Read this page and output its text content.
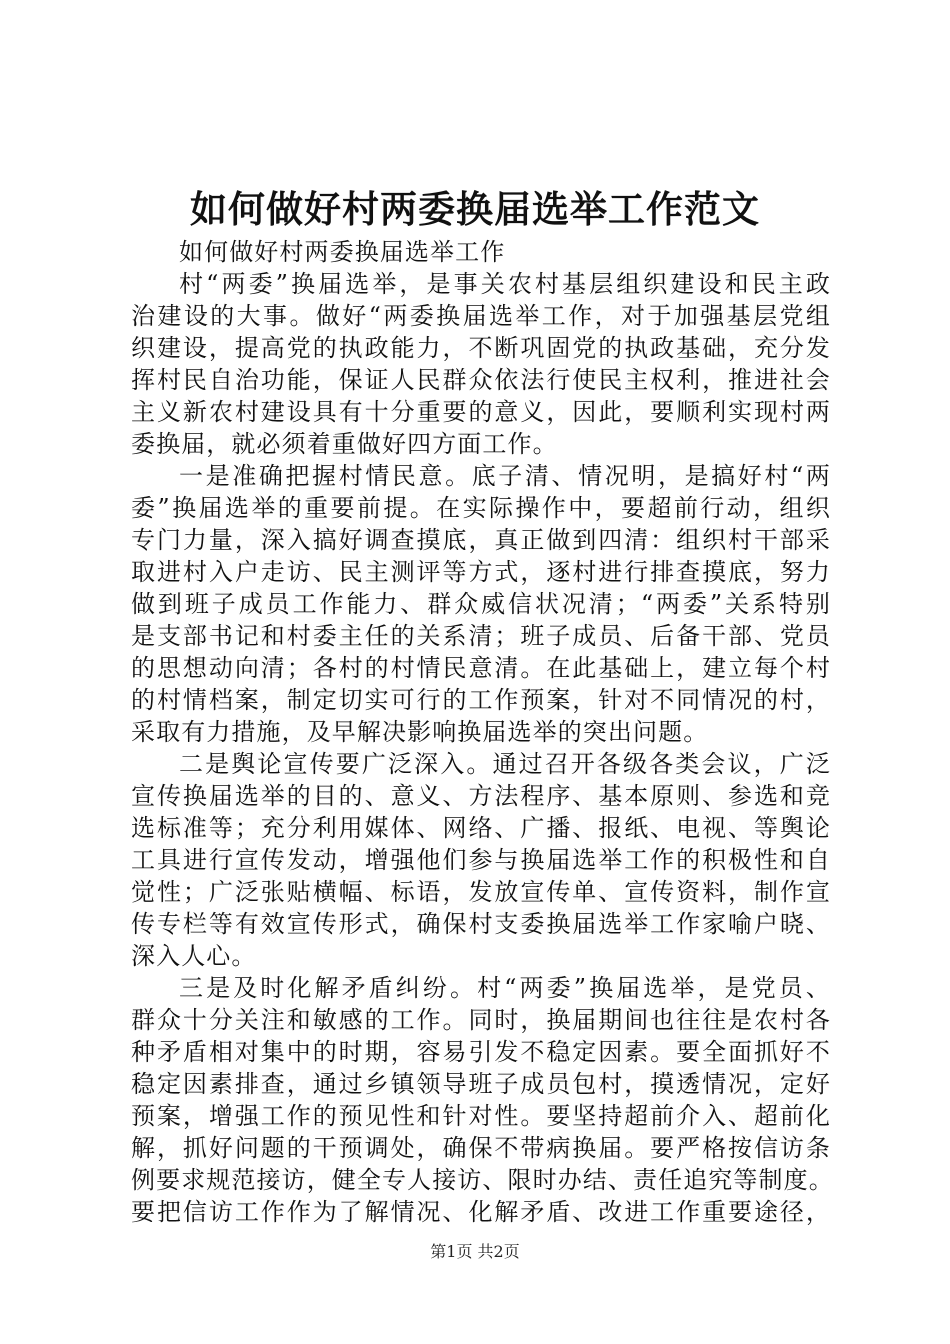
如何做好村两委换届选举工作范文
如何做好村两委换届选举工作
村“两委”换届选举，是事关农村基层组织建设和民主政
治建设的大事。做好“两委换届选举工作，对于加强基层党组
织建设，提高党的执政能力，不断巩固党的执政基础，充分发
挥村民自治功能，保证人民群众依法行使民主权利，推进社会
主义新农村建设具有十分重要的意义，因此，要顺利实现村两
委换届，就必须着重做好四方面工作。
一是准确把握村情民意。底子清、情况明，是搞好村“两
委”换届选举的重要前提。在实际操作中，要超前行动，组织
专门力量，深入搞好调查摸底，真正做到四清：组织村干部采
取进村入户走访、民主测评等方式，逐村进行排查摸底，努力
做到班子成员工作能力、群众威信状况清；“两委”关系特别
是支部书记和村委主任的关系清；班子成员、后备干部、党员
的思想动向清；各村的村情民意清。在此基础上，建立每个村
的村情档案，制定切实可行的工作预案，针对不同情况的村，
采取有力措施，及早解决影响换届选举的突出问题。
二是舆论宣传要广泛深入。通过召开各级各类会议，广泛
宣传换届选举的目的、意义、方法程序、基本原则、参选和竞
选标准等；充分利用媒体、网络、广播、报纸、电视、等舆论
工具进行宣传发动，增强他们参与换届选举工作的积极性和自
觉性；广泛张贴横幅、标语，发放宣传单、宣传资料，制作宣
传专栏等有效宣传形式，确保村支委换届选举工作家喻户晓、
深入人心。
三是及时化解矛盾纠纷。村“两委”换届选举，是党员、
群众十分关注和敏感的工作。同时，换届期间也往往是农村各
种矛盾相对集中的时期，容易引发不稳定因素。要全面抓好不
稳定因素排查，通过乡镇领导班子成员包村，摸透情况，定好
预案，增强工作的预见性和针对性。要坚持超前介入、超前化
解，抓好问题的干预调处，确保不带病换届。要严格按信访条
例要求规范接访，健全专人接访、限时办结、责任追究等制度。
要把信访工作作为了解情况、化解矛盾、改进工作重要途径，
第1页 共2页
